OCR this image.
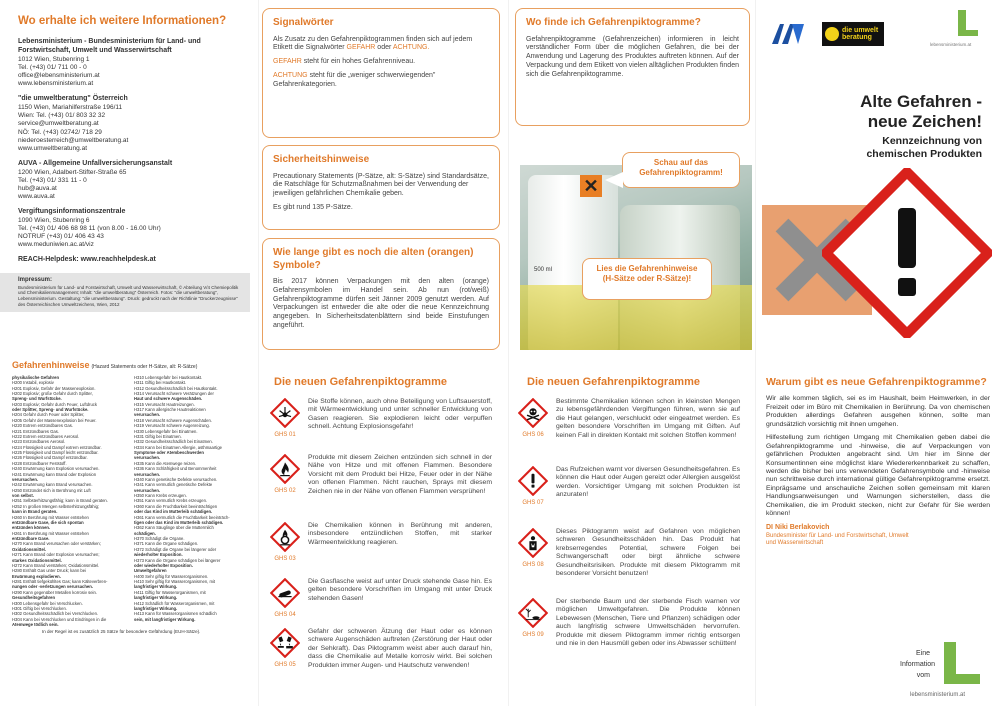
Wo erhalte ich weitere Informationen?
Lebensministerium - Bundesministerium für Land- und Forstwirtschaft, Umwelt und Wasserwirtschaft
1012 Wien, Stubenring 1
Tel. (+43) 01/ 711 00 - 0
office@lebensministerium.at
www.lebensministerium.at
"die umweltberatung" Österreich
1150 Wien, Mariahilferstraße 196/11
Wien: Tel. (+43) 01/ 803 32 32
service@umweltberatung.at
NÖ: Tel. (+43) 02742/ 718 29
niederoesterreich@umweltberatung.at
www.umweltberatung.at
AUVA - Allgemeine Unfallversicherungsanstalt
1200 Wien, Adalbert-Stifter-Straße 65
Tel. (+43) 01/ 331 11 - 0
hub@auva.at
www.auva.at
Vergiftungsinformationszentrale
1090 Wien, Stubenring 6
Tel. (+43) 01/ 406 68 98 11 (von 8.00 - 16.00 Uhr)
NOTRUF (+43) 01/ 406 43 43
www.meduniwien.ac.at/viz
REACH-Helpdesk: www.reachhelpdesk.at
Impressum:
Bundesministerium für Land- und Forstwirtschaft, Umwelt und Wasserwirtschaft, © Abteilung V/4 Chemiepolitik und Chemikalienmanagement; Inhalt: "die umweltberatung" Österreich. Fotos: "die umweltberatung", Lebensministerium. Gestaltung: "die umweltberatung". Druck: gedruckt nach der Richtlinie "Druckerzeugnisse" des Österreichischen Umweltzeichens, Wien, 2012
Gefahrenhinweise (Hazard Statements oder H-Sätze, alt: R-Sätze)
physikalische Gefahren
H200 Instabil, explosiv
H201 Explosiv, Gefahr der Massenexplosion.
H202 Explosiv; große Gefahr durch Splitter,
Spreng- und Wurfstücke.
H203 Explosiv; Gefahr durch Feuer, Luftdruck
oder Splitter, Spreng- und Wurfstücke.
H204 Gefahr durch Feuer oder Splitter,
H205 Gefahr der Massenexplosion bei Feuer.
H220 Extrem entzündbares Gas.
H221 Entzündbares Gas.
H222 Extrem entzündbares Aerosol.
H223 Entzündbares Aerosol.
H224 Flüssigkeit und Dampf extrem entzündbar.
H225 Flüssigkeit und Dampf leicht entzündbar.
H226 Flüssigkeit und Dampf entzündbar.
H228 Entzündbarer Feststoff.
H240 Erwärmung kann Explosion verursachen.
H241 Erwärmung kann Brand oder Explosion
verursachen.
H242 Erwärmung kann Brand verursachen.
H250 Entzündet sich in Berührung mit Luft
von selbst.
H251 Selbsterhitzungsfähig; kann in Brand geraten.
H252 In großen Mengen selbsterhitzungsfähig;
kann in Brand geraten.
H260 In Berührung mit Wasser entstehen
entzündbare Gase, die sich spontan
entzünden können.
H261 In Berührung mit Wasser entstehen
entzündbare Gase.
H270 Kann Brand verursachen oder verstärken;
Oxidationsmittel.
H271 Kann Brand oder Explosion verursachen;
starkes Oxidationsmittel.
H272 Kann Brand verstärken; Oxidationsmittel.
H280 Enthält Gas unter Druck; kann bei
Erwärmung explodieren.
H281 Enthält tiefgekühltes Gas; kann Kälteverbren-
nungen oder -verletzungen verursachen.
H290 Kann gegenüber Metallen korrosiv sein.
Gesundheitsgefahren
H300 Lebensgefahr bei Verschlucken.
H301 Giftig bei Verschlucken.
H302 Gesundheitsschädlich bei Verschlucken.
H304 Kann bei Verschlucken und Eindringen in die
Atemwege tödlich sein.
H310 Lebensgefahr bei Hautkontakt.
H311 Giftig bei Hautkontakt.
H312 Gesundheitsschädlich bei Hautkontakt.
H314 Verursacht schwere Verätzungen der
Haut und schwere Augenschäden.
H315 Verursacht Hautreizungen.
H317 Kann allergische Hautreaktionen
verursachen.
H318 Verursacht schwere Augenschäden.
H319 Verursacht schwere Augenreizung.
H330 Lebensgefahr bei Einatmen.
H331 Giftig bei Einatmen.
H332 Gesundheitsschädlich bei Einatmen.
H334 Kann bei Einatmen Allergie, asthmaartige
Symptome oder Atembeschwerden
verursachen.
H335 Kann die Atemwege reizen.
H336 Kann Schläfrigkeit und Benommenheit
verursachen.
H340 Kann genetische Defekte verursachen.
H341 Kann vermutlich genetische Defekte
verursachen.
H350 Kann Krebs erzeugen.
H351 Kann vermutlich Krebs erzeugen.
H360 Kann die Fruchtbarkeit beeinträchtigen
oder das Kind im Mutterleib schädigen.
H361 Kann vermutlich die Fruchtbarkeit beeinträch-
tigen oder das Kind im Mutterleib schädigen.
H362 Kann Säuglinge über die Muttermilch
schädigen.
H370 Schädigt die Organe.
H371 Kann die Organe schädigen.
H372 Schädigt die Organe bei längerer oder
wiederholter Exposition.
H373 Kann die Organe schädigen bei längerer
oder wiederholter Exposition.
Umweltgefahren
H400 Sehr giftig für Wasserorganismen.
H410 Sehr giftig für Wasserorganismen, mit
langfristiger Wirkung.
H411 Giftig für Wasserorganismen, mit
langfristiger Wirkung.
H412 Schädlich für Wasserorganismen, mit
langfristiger Wirkung.
H413 Kann für Wasserorganismen schädlich
sein, mit langfristiger Wirkung.
In der Regel ist es zusätzlich 25 Sätze für besondere Gefährdung (EUH-Sätze).
Signalwörter

Als Zusatz zu den Gefahrenpiktogrammen finden sich auf jedem Etikett die Signalwörter GEFAHR oder ACHTUNG.

GEFAHR steht für ein hohes Gefahrenniveau.

ACHTUNG steht für die „weniger schwerwiegenden" Gefahrenkategorien.

Sicherheitshinweise

Precautionary Statements (P-Sätze, alt: S-Sätze) sind Standardsätze, die Ratschläge für Schutzmaßnahmen bei der Verwendung der jeweiligen gefährlichen Chemikalie geben.

Es gibt rund 135 P-Sätze.

Wie lange gibt es noch die alten (orangen) Symbole?

Bis 2017 können Verpackungen mit den alten (orange) Gefahrensymbolen im Handel sein. Ab nun (rot/weiß) Gefahrenpiktogramme dürfen seit Jänner 2009 genutzt werden. Auf Verpackungen ist entweder die alte oder die neue Kennzeichnung angegeben. In Sicherheitsdatenblättern sind beide Einstufungen angeführt.

Die neuen Gefahrenpiktogramme
GHS 01
Die Stoffe können, auch ohne Beteiligung von Luftsauerstoff, mit Wärmeentwicklung und unter schneller Entwicklung von Gasen reagieren. Sie explodieren leicht oder verpuffen schnell. Achtung Explosionsgefahr!
GHS 02
Produkte mit diesem Zeichen entzünden sich schnell in der Nähe von Hitze und mit offenen Flammen. Besondere Vorsicht mit dem Produkt bei Hitze, Feuer oder in der Nähe von offenen Flammen. Nicht rauchen, Sprays mit diesem Zeichen nie in der Nähe von offenen Flammen versprühen!
GHS 03
Die Chemikalien können in Berührung mit anderen, insbesondere entzündlichen Stoffen, mit starker Wärmeentwicklung reagieren.
GHS 04
Die Gasflasche weist auf unter Druck stehende Gase hin. Es gelten besondere Vorschriften im Umgang mit unter Druck stehenden Gasen!
GHS 05
Gefahr der schweren Ätzung der Haut oder es können schwere Augenschäden auftreten (Zerstörung der Haut oder der Sehkraft). Das Piktogramm weist aber auch darauf hin, dass die Chemikalie auf Metalle korrosiv wirkt. Bei solchen Produkten immer Augen- und Hautschutz verwenden!
Wo finde ich Gefahrenpiktogramme?

Gefahrenpiktogramme (Gefahrenzeichen) informieren in leicht verständlicher Form über die möglichen Gefahren, die bei der Anwendung und Lagerung des Produktes auftreten können. Auf der Verpackung und dem Etikett von vielen alltäglichen Produkten finden sich die Gefahrenpiktogramme.

✕
500 ml
Schau auf das Gefahrenpiktogramm!
Lies die Gefahrenhinweise (H-Sätze oder R-Sätze)!
Die neuen Gefahrenpiktogramme
GHS 06
Bestimmte Chemikalien können schon in kleinsten Mengen zu lebensgefährdenden Vergiftungen führen, wenn sie auf die Haut gelangen, verschluckt oder eingeatmet werden. Es gelten besondere Vorschriften im Umgang mit Giften. Auf keinen Fall in direkten Kontakt mit solchen Stoffen kommen!
GHS 07
Das Rufzeichen warnt vor diversen Gesundheitsgefahren. Es können die Haut oder Augen gereizt oder Allergien ausgelöst werden. Vorsichtiger Umgang mit solchen Produkten ist anzuraten!
GHS 08
Dieses Piktogramm weist auf Gefahren von möglichen schweren Gesundheitsschäden hin. Das Produkt hat krebserregendes Potential, schwere Folgen bei Schwangerschaft oder birgt ähnliche schwere Gesundheitsrisiken. Produkte mit diesem Piktogramm mit besonderer Vorsicht benutzen!
GHS 09
Der sterbende Baum und der sterbende Fisch warnen vor möglichen Umweltgefahren. Die Produkte können Lebewesen (Menschen, Tiere und Pflanzen) schädigen oder auch langfristig schwere Umweltschäden hervorrufen. Produkte mit diesem Piktogramm immer richtig entsorgen und nie in den Hausmüll geben oder ins Abwasser schütten!
die umwelt
beratung
lebensministerium.at
Alte Gefahren -
neue Zeichen!
Kennzeichnung von
chemischen Produkten
Warum gibt es neue Gefahrenpiktogramme?

Wir alle kommen täglich, sei es im Haushalt, beim Heimwerken, in der Freizeit oder im Büro mit Chemikalien in Berührung. Da von chemischen Produkten allerdings Gefahren ausgehen können, sollte man grundsätzlich vorsichtig mit ihnen umgehen.

Hilfestellung zum richtigen Umgang mit Chemikalien geben dabei die Gefahrenpiktogramme und -hinweise, die auf Verpackungen von gefährlichen Produkten angebracht sind. Um hier im Sinne der Konsumentinnen eine möglichst klare Wiedererkennbarkeit zu schaffen, werden die bisher bei uns verwendeten Gefahrensymbole und -hinweise nun schrittweise durch international gültige Gefahrenpiktogramme ersetzt. Einprägsame und anschauliche Zeichen sollen gemeinsam mit klaren Handlungsanweisungen und Warnungen sicherstellen, dass die Chemikalien, die im Produkt stecken, nicht zur Gefahr für Sie werden können!

DI Niki Berlakovich
Bundesminister für Land- und Forstwirtschaft, Umwelt und Wasserwirtschaft
Eine
Information
vom
lebensministerium.at
